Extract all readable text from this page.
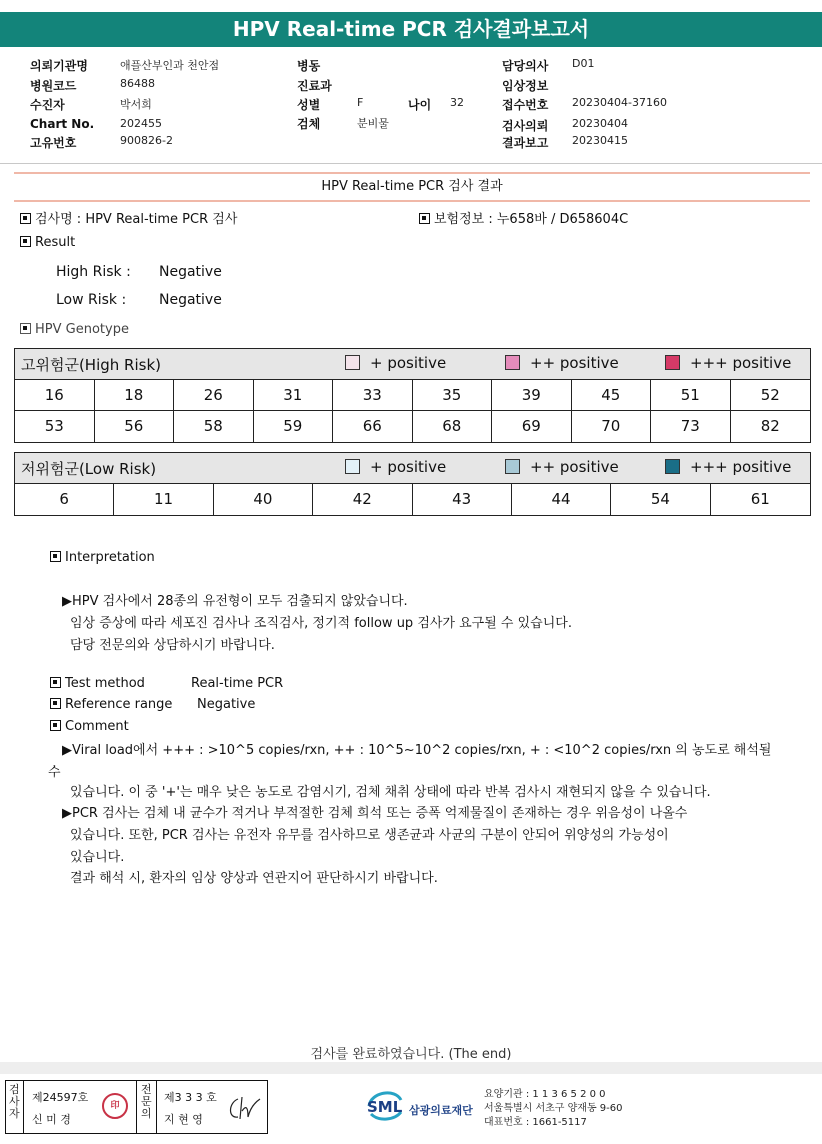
HPV Real-time PCR 검사결과보고서
의뢰기관명	애플산부인과 천안점
병원코드	86488
수진자	박서희
Chart No. 202455
고유번호	900826-2
병동
진료과
성별	F	나이 32
검체	분비물
담당의사 D01
임상정보
접수번호 20230404-37160
검사의뢰 20230404
결과보고 20230415
HPV Real-time PCR 검사 결과
검사명 : HPV Real-time PCR 검사	보험정보 : 누658바 / D658604C
Result
High Risk : Negative
Low Risk : Negative
HPV Genotype
고위험군(High Risk)	+ positive	++ positive	+++ positive
16	18	26	31	33	35	39	45	51	52
53	56	58	59	66	68	69	70	73	82
저위험군(Low Risk)	+ positive	++ positive	+++ positive
6	11	40	42	43	44	54	61
Interpretation
▶HPV 검사에서 28종의 유전형이 모두 검출되지 않았습니다.
임상 증상에 따라 세포진 검사나 조직검사, 정기적 follow up 검사가 요구될 수 있습니다.
담당 전문의와 상담하시기 바랍니다.
Test method	Real-time PCR
Reference range Negative
Comment
▶Viral load에서 +++ : >10^5 copies/rxn, ++ : 10^5~10^2 copies/rxn, + : <10^2 copies/rxn 의 농도로 해석될
수
있습니다. 이 중 '+'는 매우 낮은 농도로 감염시기, 검체 채취 상태에 따라 반복 검사시 재현되지 않을 수 있습니다.
▶PCR 검사는 검체 내 균수가 적거나 부적절한 검체 희석 또는 증폭 억제물질이 존재하는 경우 위음성이 나올수
있습니다. 또한, PCR 검사는 유전자 유무를 검사하므로 생존균과 사균의 구분이 안되어 위양성의 가능성이
있습니다.
결과 해석 시, 환자의 임상 양상과 연관지어 판단하시기 바랍니다.
검사를 완료하였습니다. (The end)
검사자
제24597호
신 미 경
印
전문의
제3 3 3 호
지 현 영
SML 삼광의료재단
요양기관 : 1 1 3 6 5 2 0 0
서울특별시 서초구 양재동 9-60
대표번호 : 1661-5117
